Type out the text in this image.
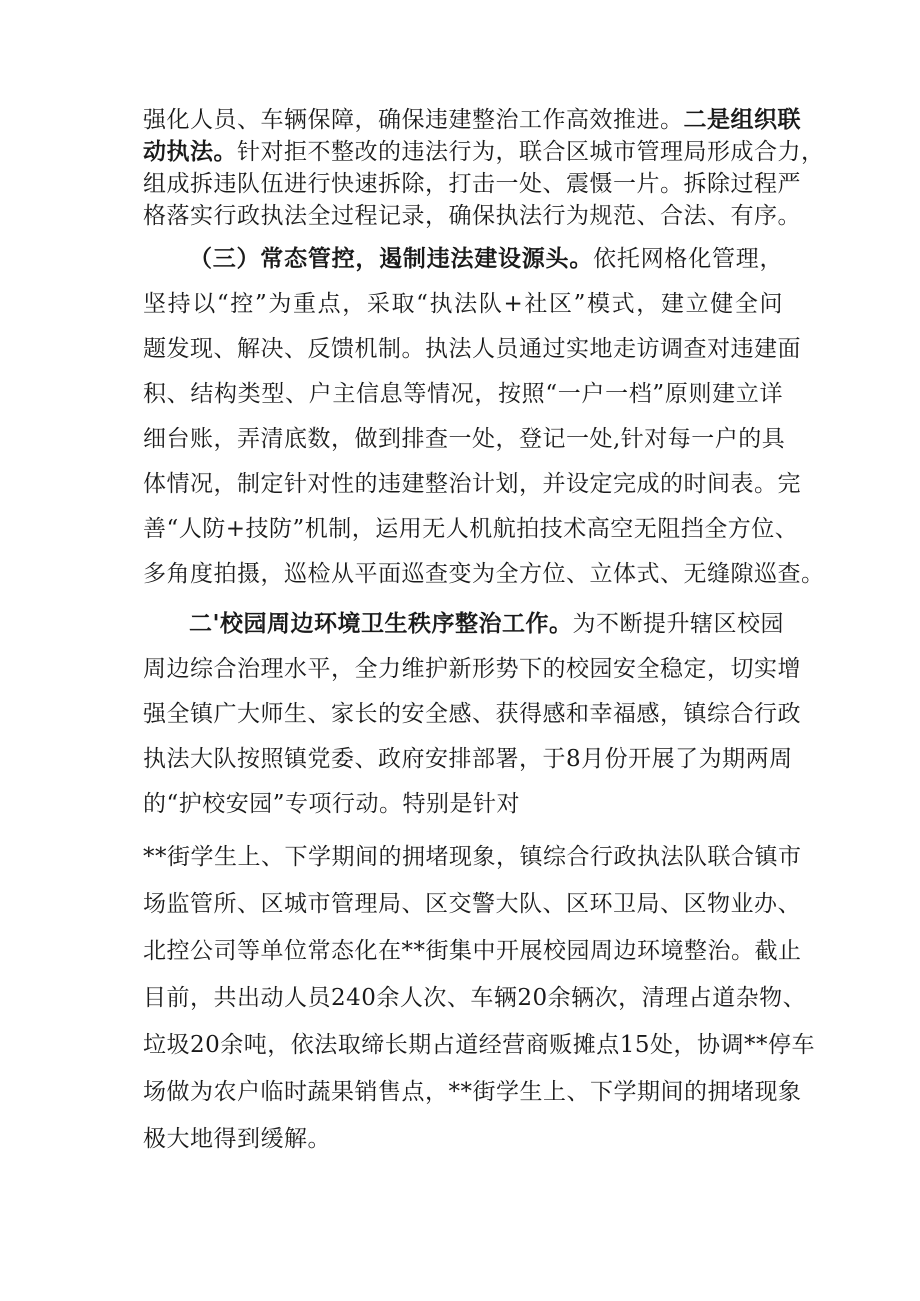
强化人员、车辆保障，确保违建整治工作高效推进。二是组织联
动执法。针对拒不整改的违法行为，联合区城市管理局形成合力，
组成拆违队伍进行快速拆除，打击一处、震慑一片。拆除过程严
格落实行政执法全过程记录，确保执法行为规范、合法、有序。
（三）常态管控，遏制违法建设源头。依托网格化管理，
坚持以“控”为重点，采取“执法队+社区”模式，建立健全问
题发现、解决、反馈机制。执法人员通过实地走访调查对违建面
积、结构类型、户主信息等情况，按照“一户一档”原则建立详
细台账，弄清底数，做到排查一处，登记一处,针对每一户的具
体情况，制定针对性的违建整治计划，并设定完成的时间表。完
善“人防+技防”机制，运用无人机航拍技术高空无阻挡全方位、
多角度拍摄，巡检从平面巡查变为全方位、立体式、无缝隙巡查。
二'校园周边环境卫生秩序整治工作。为不断提升辖区校园
周边综合治理水平，全力维护新形势下的校园安全稳定，切实增
强全镇广大师生、家长的安全感、获得感和幸福感，镇综合行政
执法大队按照镇党委、政府安排部署，于8月份开展了为期两周
的“护校安园”专项行动。特别是针对
**街学生上、下学期间的拥堵现象，镇综合行政执法队联合镇市
场监管所、区城市管理局、区交警大队、区环卫局、区物业办、
北控公司等单位常态化在**街集中开展校园周边环境整治。截止
目前，共出动人员240余人次、车辆20余辆次，清理占道杂物、
垃圾20余吨，依法取缔长期占道经营商贩摊点15处，协调**停车
场做为农户临时蔬果销售点，**街学生上、下学期间的拥堵现象
极大地得到缓解。
